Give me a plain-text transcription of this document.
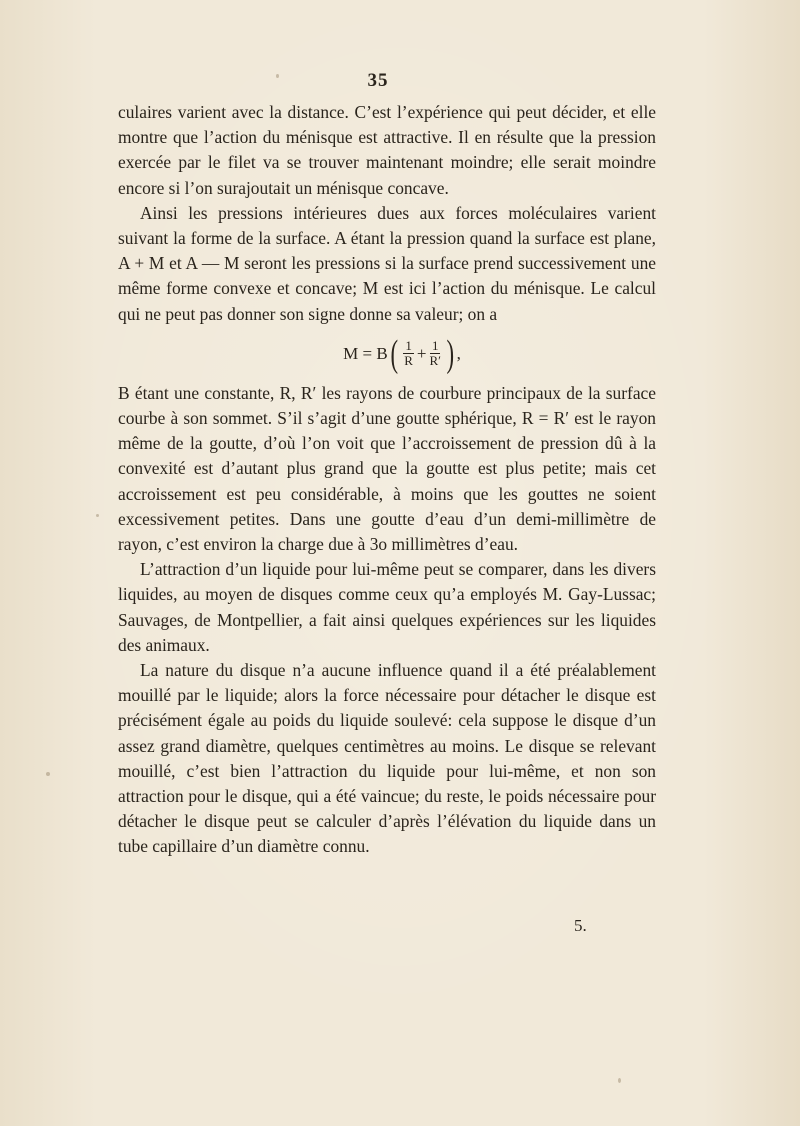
35

culaires varient avec la distance. C’est l’expérience qui peut décider, et elle montre que l’action du ménisque est attractive. Il en résulte que la pression exercée par le filet va se trouver maintenant moindre; elle serait moindre encore si l’on surajoutait un ménisque concave.

Ainsi les pressions intérieures dues aux forces moléculaires varient suivant la forme de la surface. A étant la pression quand la surface est plane, A + M et A — M seront les pressions si la surface prend successivement une même forme convexe et concave; M est ici l’action du ménisque. Le calcul qui ne peut pas donner son signe donne sa valeur; on a

M = B ( $\frac{1}{R} + \frac{1}{R'}$ ) ,

B étant une constante, R, R′ les rayons de courbure principaux de la surface courbe à son sommet. S’il s’agit d’une goutte sphérique, R = R′ est le rayon même de la goutte, d’où l’on voit que l’accroissement de pression dû à la convexité est d’autant plus grand que la goutte est plus petite; mais cet accroissement est peu considérable, à moins que les gouttes ne soient excessivement petites. Dans une goutte d’eau d’un demi-millimètre de rayon, c’est environ la charge due à 3o millimètres d’eau.

L’attraction d’un liquide pour lui-même peut se comparer, dans les divers liquides, au moyen de disques comme ceux qu’a employés M. Gay-Lussac; Sauvages, de Montpellier, a fait ainsi quelques expériences sur les liquides des animaux.

La nature du disque n’a aucune influence quand il a été préalablement mouillé par le liquide; alors la force nécessaire pour détacher le disque est précisément égale au poids du liquide soulevé: cela suppose le disque d’un assez grand diamètre, quelques centimètres au moins. Le disque se relevant mouillé, c’est bien l’attraction du liquide pour lui-même, et non son attraction pour le disque, qui a été vaincue; du reste, le poids nécessaire pour détacher le disque peut se calculer d’après l’élévation du liquide dans un tube capillaire d’un diamètre connu.

5.
